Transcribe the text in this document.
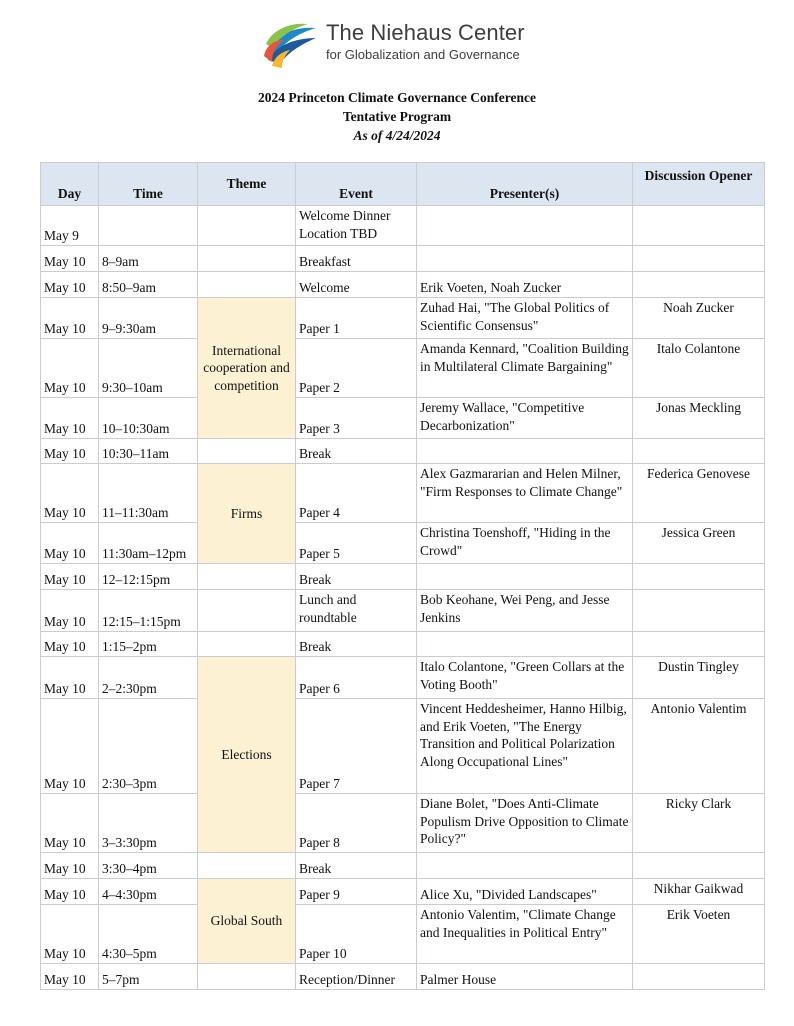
The Niehaus Center
for Globalization and Governance
2024 Princeton Climate Governance Conference
Tentative Program
As of 4/24/2024
Day	Time	Theme	Event	Presenter(s)	Discussion Opener
May 9			Welcome Dinner Location TBD		
May 10	8–9am		Breakfast		
May 10	8:50–9am		Welcome	Erik Voeten, Noah Zucker	
May 10	9–9:30am	International cooperation and competition	Paper 1	Zuhad Hai, "The Global Politics of Scientific Consensus"	Noah Zucker
May 10	9:30–10am		Paper 2	Amanda Kennard, "Coalition Building in Multilateral Climate Bargaining"	Italo Colantone
May 10	10–10:30am		Paper 3	Jeremy Wallace, "Competitive Decarbonization"	Jonas Meckling
May 10	10:30–11am		Break		
May 10	11–11:30am	Firms	Paper 4	Alex Gazmararian and Helen Milner, "Firm Responses to Climate Change"	Federica Genovese
May 10	11:30am–12pm		Paper 5	Christina Toenshoff, "Hiding in the Crowd"	Jessica Green
May 10	12–12:15pm		Break		
May 10	12:15–1:15pm		Lunch and roundtable	Bob Keohane, Wei Peng, and Jesse Jenkins	
May 10	1:15–2pm		Break		
May 10	2–2:30pm	Elections	Paper 6	Italo Colantone, "Green Collars at the Voting Booth"	Dustin Tingley
May 10	2:30–3pm		Paper 7	Vincent Heddesheimer, Hanno Hilbig, and Erik Voeten, "The Energy Transition and Political Polarization Along Occupational Lines"	Antonio Valentim
May 10	3–3:30pm		Paper 8	Diane Bolet, "Does Anti-Climate Populism Drive Opposition to Climate Policy?"	Ricky Clark
May 10	3:30–4pm		Break		
May 10	4–4:30pm	Global South	Paper 9	Alice Xu, "Divided Landscapes"	Nikhar Gaikwad
May 10	4:30–5pm		Paper 10	Antonio Valentim, "Climate Change and Inequalities in Political Entry"	Erik Voeten
May 10	5–7pm		Reception/Dinner	Palmer House	
